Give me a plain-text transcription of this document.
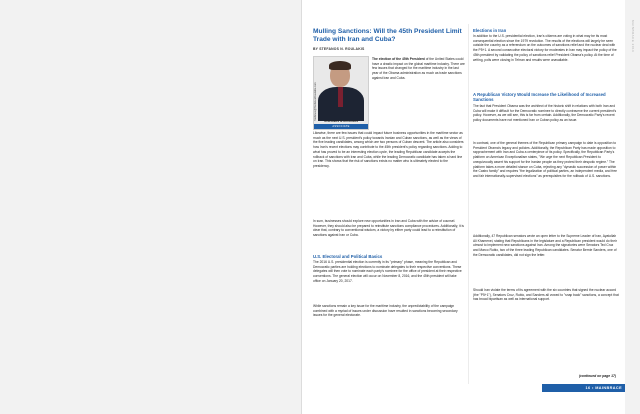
Mulling Sanctions: Will the 45th President Limit Trade with Iran and Cuba?
BY STEFANOS N. ROULAKIS
Stefanos@StefanosRoulakis.com	STEFANOS N. ROULAKIS
ASSOCIATE
The election of the 45th President of the United States could have a drastic impact on the global maritime industry. There are few issues that changed for the maritime industry in the last year of the Obama administration as much as trade sanctions against Iran and Cuba.
Likewise, there are few issues that could impact future business opportunities in the maritime sector as much as the next U.S. president's policy towards Iranian and Cuban sanctions, as well as the views of the five leading candidates, among which are two persons of Cuban descent. The article also considers how Iran's recent elections may contribute to the 45th president's policy regarding sanctions. Adding to what has proved to be an interesting election cycle, the leading Republican candidate accepts the rollback of sanctions with Iran and Cuba, while the leading Democratic candidate has taken a hard line on Iran. This shows that the risk of sanctions exists no matter who is ultimately elected to the presidency.
In sum, businesses should explore new opportunities in Iran and Cuba with the advice of counsel. However, they should also be prepared to reinstitute sanctions compliance procedures. Additionally, it is clear that, contrary to conventional wisdom, a victory by either party could lead to a reinstitution of sanctions against Iran or Cuba.
U.S. Electoral and Political Basics
The 2016 U.S. presidential election is currently in its "primary" phase, meaning the Republican and Democratic parties are holding elections to nominate delegates to their respective conventions. These delegates will then vote to nominate each party's nominee for the office of president at their respective conventions. The general election will occur on November 8, 2016, and the 45th president will take office on January 20, 2017.
While sanctions remain a key issue for the maritime industry, the unpredictability of the campaign combined with a myriad of issues under discussion have resulted in sanctions becoming secondary issues for the general electorate.
Elections in Iran
In addition to the U.S. presidential election, Iran's citizens are voting in what may be its most consequential election since the 1979 revolution. The results of the elections will largely be seen outside the country as a referendum on the outcomes of sanctions relief and the nuclear deal with the P5+1. A second consecutive electoral victory for moderates in Iran may impact the policy of the 45th president by validating the policy of sanctions relief President Obama's policy. At the time of writing, polls were closing in Tehran and results were unavailable.
A Republican Victory Would Increase the Likelihood of Increased Sanctions
The fact that President Obama was the architect of the historic shift in relations with both Iran and Cuba will make it difficult for the Democratic nominee to directly contravene the current president's policy. However, as we will see, this is far from certain. Additionally, the Democratic Party's recent policy documents have not mentioned Iran or Cuban policy as an issue.
In contrast, one of the general themes of the Republican primary campaign to date is opposition to President Obama's legacy and policies. Additionally, the Republican Party has made opposition to rapprochement with Iran and Cuba a centerpiece of its policy. Specifically, the Republican Party's platform on American Exceptionalism states, "We urge the next Republican President to unequivocally assert his support for the Iranian people as they protest their despotic regime." The platform takes a more detailed stance on Cuba, rejecting any "dynastic succession of power within the Castro family" and requires "the legalization of political parties, an independent media, and free and fair internationally-supervised elections" as prerequisites for the rollback of U.S. sanctions.
Additionally, 47 Republican senators wrote an open letter to the Supreme Leader of Iran, Ayatollah Ali Khamenei, stating that Republicans in the legislature and a Republican president would do their utmost to implement new sanctions against Iran. Among the signatories were Senators Ted Cruz and Marco Rubio, two of the three leading Republican candidates. Senator Bernie Sanders, one of the Democratic candidates, did not sign the letter.
Should Iran violate the terms of its agreement with the six countries that signed the nuclear accord (the "P5+1"), Senators Cruz, Rubio, and Sanders all vowed to "snap back" sanctions, a concept that has broad bipartisan as well as international support.
(continued on page 17)
16 • MAINBRACE
MAINBRACE 2016
